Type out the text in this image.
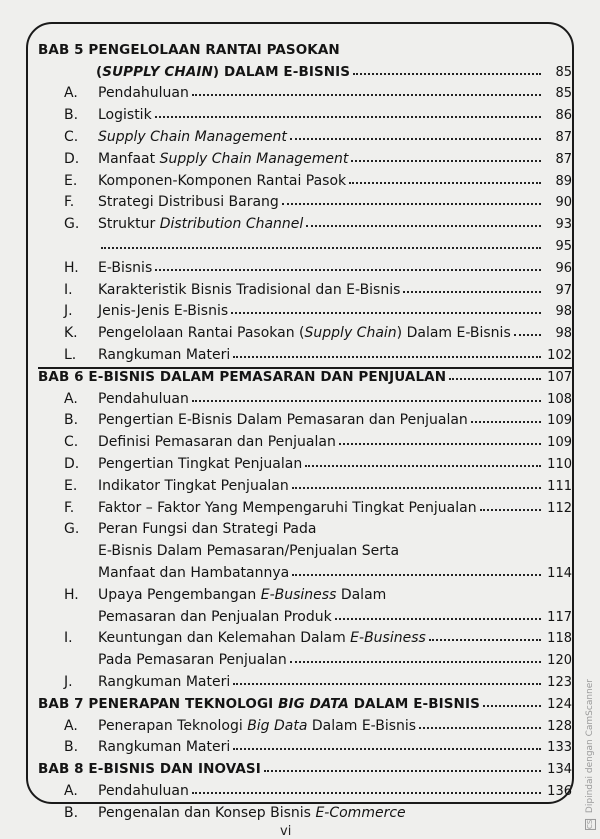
BAB 5 PENGELOLAAN RANTAI PASOKAN
(SUPPLY CHAIN) DALAM E-BISNIS	85
A.	Pendahuluan	85
B.	Logistik	86
C.	Supply Chain Management	87
D.	Manfaat Supply Chain Management	87
E.	Komponen-Komponen Rantai Pasok	89
F.	Strategi Distribusi Barang	90
G.	Struktur Distribution Channel	93
95
H.	E-Bisnis	96
I.	Karakteristik Bisnis Tradisional dan E-Bisnis	97
J.	Jenis-Jenis E-Bisnis	98
K.	Pengelolaan Rantai Pasokan (Supply Chain) Dalam E-Bisnis	98
L.	Rangkuman Materi	102
BAB 6 E-BISNIS DALAM PEMASARAN DAN PENJUALAN	107
A.	Pendahuluan	108
B.	Pengertian E-Bisnis Dalam Pemasaran dan Penjualan	109
C.	Definisi Pemasaran dan Penjualan	109
D.	Pengertian Tingkat Penjualan	110
E.	Indikator Tingkat Penjualan	111
F.	Faktor – Faktor Yang Mempengaruhi Tingkat Penjualan	112
G.	Peran Fungsi dan Strategi Pada
E-Bisnis Dalam Pemasaran/Penjualan Serta
Manfaat dan Hambatannya	114
H.	Upaya Pengembangan E-Business Dalam
Pemasaran dan Penjualan Produk	117
I.	Keuntungan dan Kelemahan Dalam E-Business	118
Pada Pemasaran Penjualan	120
J.	Rangkuman Materi	123
BAB 7 PENERAPAN TEKNOLOGI BIG DATA DALAM E-BISNIS	124
A.	Penerapan Teknologi Big Data Dalam E-Bisnis	128
B.	Rangkuman Materi	133
BAB 8 E-BISNIS DAN INOVASI	134
A.	Pendahuluan	136
B.	Pengenalan dan Konsep Bisnis E-Commerce
vi	CS Dipindai dengan CamScanner
